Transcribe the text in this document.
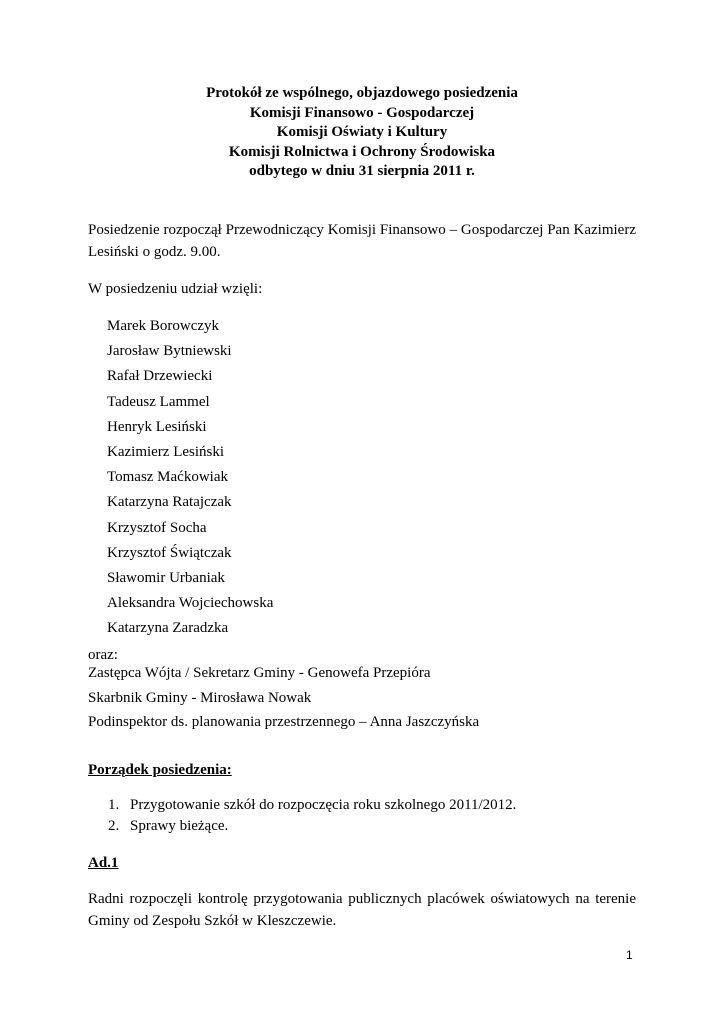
Protokół ze wspólnego, objazdowego posiedzenia
Komisji Finansowo - Gospodarczej
Komisji Oświaty i Kultury
Komisji Rolnictwa i Ochrony Środowiska
odbytego w dniu 31 sierpnia 2011 r.

Posiedzenie rozpoczął Przewodniczący Komisji Finansowo – Gospodarczej Pan Kazimierz Lesiński o godz. 9.00.

W posiedzeniu udział wzięli:

Marek Borowczyk
Jarosław Bytniewski
Rafał Drzewiecki
Tadeusz Lammel
Henryk Lesiński
Kazimierz Lesiński
Tomasz Maćkowiak
Katarzyna Ratajczak
Krzysztof Socha
Krzysztof Świątczak
Sławomir Urbaniak
Aleksandra Wojciechowska
Katarzyna Zaradzka

oraz:

Zastępca Wójta / Sekretarz Gminy - Genowefa Przepióra

Skarbnik Gminy - Mirosława Nowak

Podinspektor ds. planowania przestrzennego – Anna Jaszczyńska

Porządek posiedzenia:

1. Przygotowanie szkół do rozpoczęcia roku szkolnego 2011/2012.
2. Sprawy bieżące.

Ad.1

Radni rozpoczęli kontrolę przygotowania publicznych placówek oświatowych na terenie Gminy od Zespołu Szkół w Kleszczewie.

1
